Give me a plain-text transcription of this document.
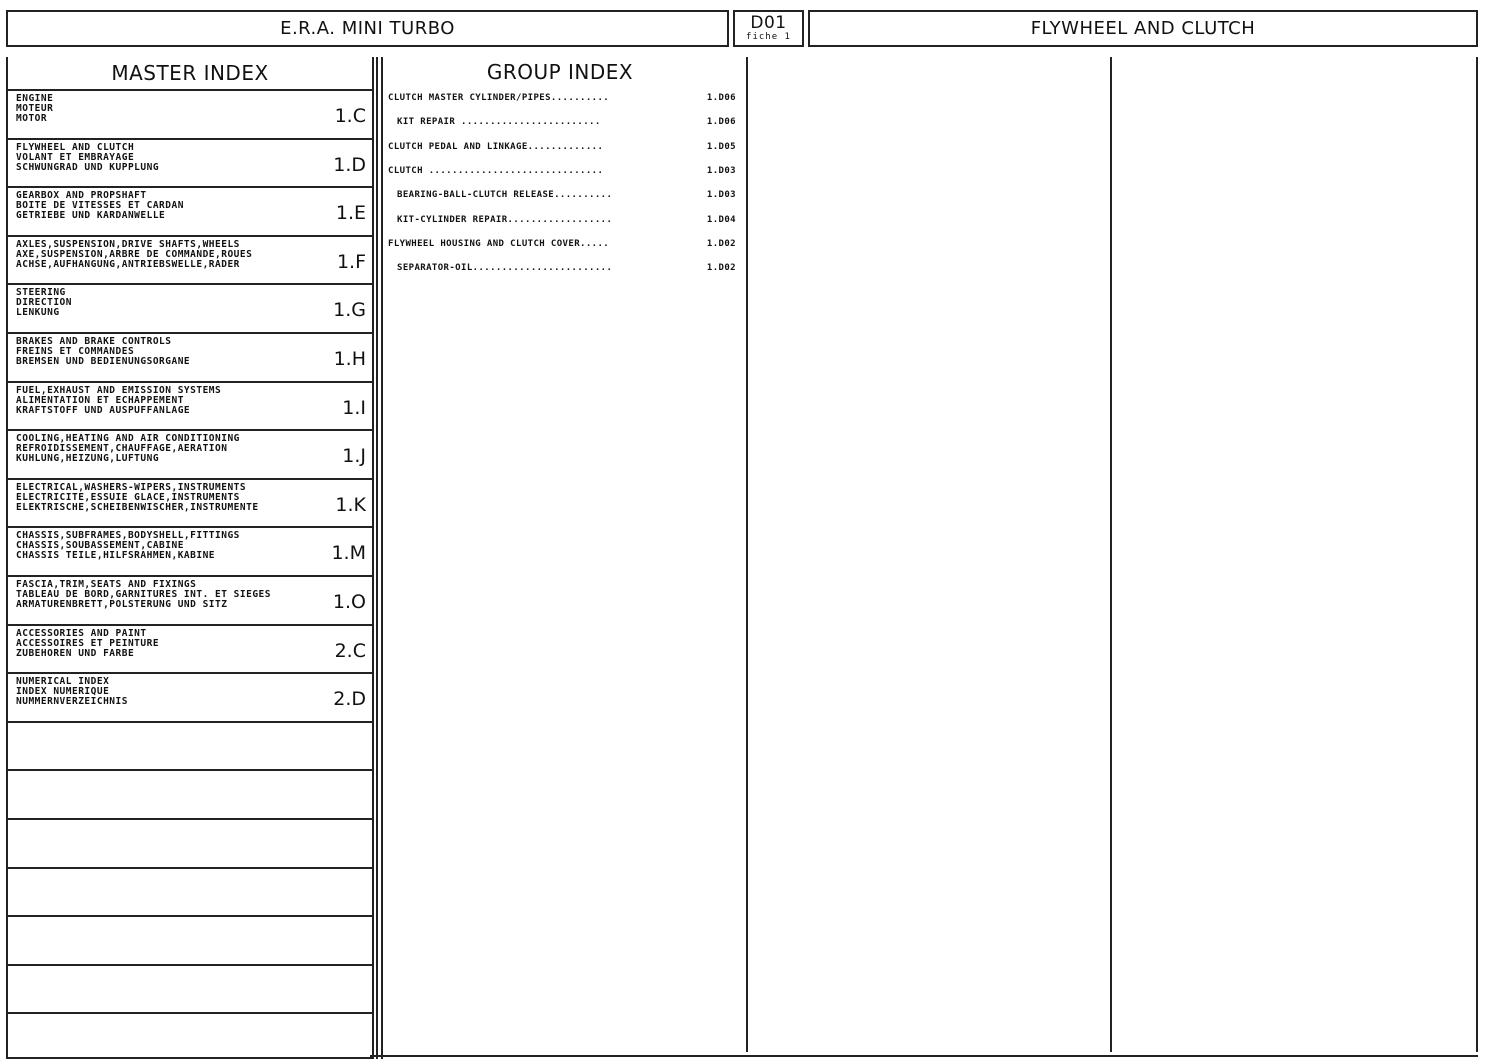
E.R.A. MINI TURBO	D01
fiche 1	FLYWHEEL AND CLUTCH
MASTER INDEX
ENGINE
MOTEUR
MOTOR	1.C
FLYWHEEL AND CLUTCH
VOLANT ET EMBRAYAGE
SCHWUNGRAD UND KUPPLUNG	1.D
GEARBOX AND PROPSHAFT
BOITE DE VITESSES ET CARDAN
GETRIEBE UND KARDANWELLE	1.E
AXLES,SUSPENSION,DRIVE SHAFTS,WHEELS
AXE,SUSPENSION,ARBRE DE COMMANDE,ROUES
ACHSE,AUFHANGUNG,ANTRIEBSWELLE,RADER	1.F
STEERING
DIRECTION
LENKUNG	1.G
BRAKES AND BRAKE CONTROLS
FREINS ET COMMANDES
BREMSEN UND BEDIENUNGSORGANE	1.H
FUEL,EXHAUST AND EMISSION SYSTEMS
ALIMENTATION ET ECHAPPEMENT
KRAFTSTOFF UND AUSPUFFANLAGE	1.I
COOLING,HEATING AND AIR CONDITIONING
REFROIDISSEMENT,CHAUFFAGE,AERATION
KUHLUNG,HEIZUNG,LUFTUNG	1.J
ELECTRICAL,WASHERS-WIPERS,INSTRUMENTS
ELECTRICITE,ESSUIE GLACE,INSTRUMENTS
ELEKTRISCHE,SCHEIBENWISCHER,INSTRUMENTE	1.K
CHASSIS,SUBFRAMES,BODYSHELL,FITTINGS
CHASSIS,SOUBASSEMENT,CABINE
CHASSIS TEILE,HILFSRAHMEN,KABINE	1.M
FASCIA,TRIM,SEATS AND FIXINGS
TABLEAU DE BORD,GARNITURES INT. ET SIEGES
ARMATURENBRETT,POLSTERUNG UND SITZ	1.O
ACCESSORIES AND PAINT
ACCESSOIRES ET PEINTURE
ZUBEHOREN UND FARBE	2.C
NUMERICAL INDEX
INDEX NUMERIQUE
NUMMERNVERZEICHNIS	2.D
GROUP INDEX
CLUTCH MASTER CYLINDER/PIPES..........	1.D06
KIT REPAIR ........................	1.D06
CLUTCH PEDAL AND LINKAGE.............	1.D05
CLUTCH ..............................	1.D03
BEARING-BALL-CLUTCH RELEASE..........	1.D03
KIT-CYLINDER REPAIR..................	1.D04
FLYWHEEL HOUSING AND CLUTCH COVER.....	1.D02
SEPARATOR-OIL........................	1.D02
